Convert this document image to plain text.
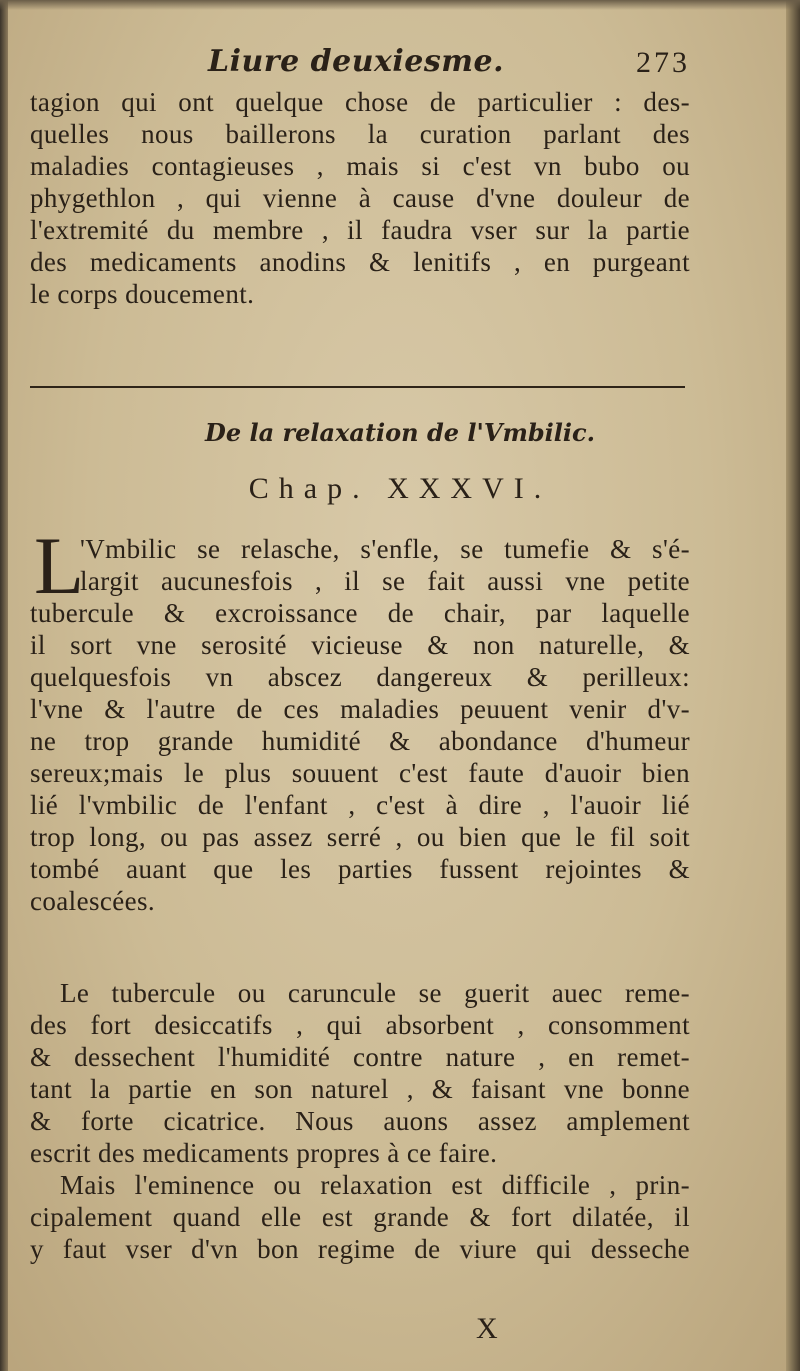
Liure deuxiesme.	273
tagion qui ont quelque chose de particulier : des-
quelles nous baillerons la curation parlant des
maladies contagieuses , mais si c'est vn bubo ou
phygethlon , qui vienne à cause d'vne douleur de
l'extremité du membre , il faudra vser sur la partie
des medicaments anodins & lenitifs , en purgeant
le corps doucement.
De la relaxation de l'Vmbilic.
Chap. XXXVI.
L
'Vmbilic se relasche, s'enfle, se tumefie & s'é-
largit aucunesfois , il se fait aussi vne petite
tubercule & excroissance de chair, par laquelle
il sort vne serosité vicieuse & non naturelle, &
quelquesfois vn abscez dangereux & perilleux:
l'vne & l'autre de ces maladies peuuent venir d'v-
ne trop grande humidité & abondance d'humeur
sereux;mais le plus souuent c'est faute d'auoir bien
lié l'vmbilic de l'enfant , c'est à dire , l'auoir lié
trop long, ou pas assez serré , ou bien que le fil soit
tombé auant que les parties fussent rejointes &
coalescées.
Le tubercule ou caruncule se guerit auec reme-
des fort desiccatifs , qui absorbent , consomment
& dessechent l'humidité contre nature , en remet-
tant la partie en son naturel , & faisant vne bonne
& forte cicatrice. Nous auons assez amplement
escrit des medicaments propres à ce faire.
Mais l'eminence ou relaxation est difficile , prin-
cipalement quand elle est grande & fort dilatée, il
y faut vser d'vn bon regime de viure qui desseche
X
